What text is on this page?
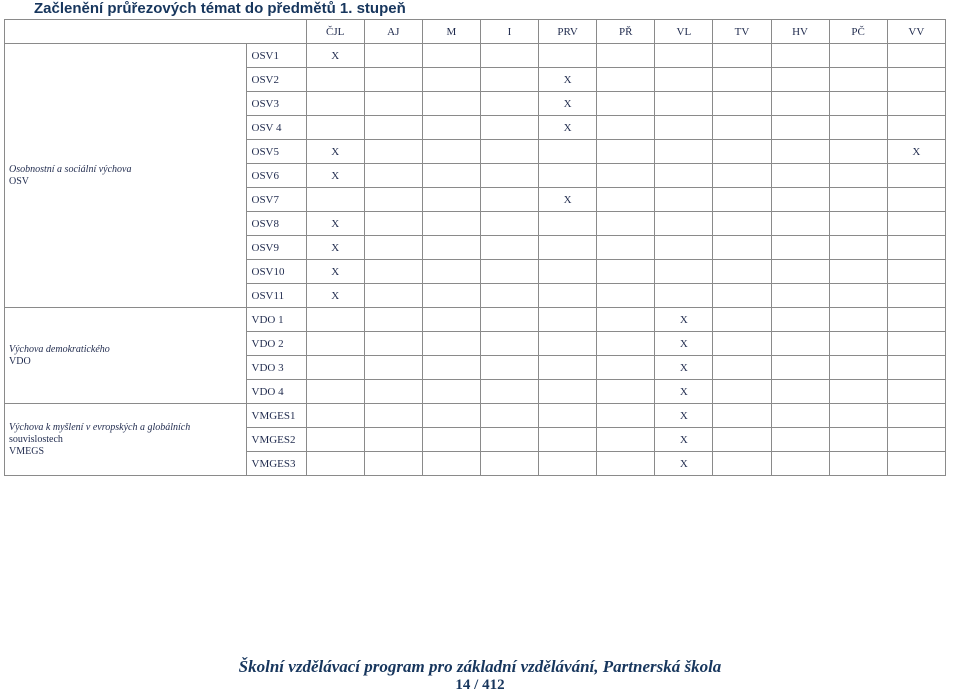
Začlenění průřezových témat do předmětů 1. stupeň
		ČJL	AJ	M	I	PRV	PŘ	VL	TV	HV	PČ	VV

Osobnostní a sociální výchova
OSV	OSV1	X										
	OSV2					X						
	OSV3					X						
	OSV 4					X						
	OSV5	X										X
	OSV6	X										
	OSV7					X						
	OSV8	X										
	OSV9	X										
	OSV10	X										
	OSV11	X										

Výchova demokratického
VDO	VDO 1							X				
	VDO 2							X				
	VDO 3							X				
	VDO 4							X				

Výchova k myšlení v evropských a globálních
souvislostech
VMEGS	VMGES1							X				
	VMGES2							X				
	VMGES3							X				
Školní vzdělávací program pro základní vzdělávání, Partnerská škola
14 / 412
